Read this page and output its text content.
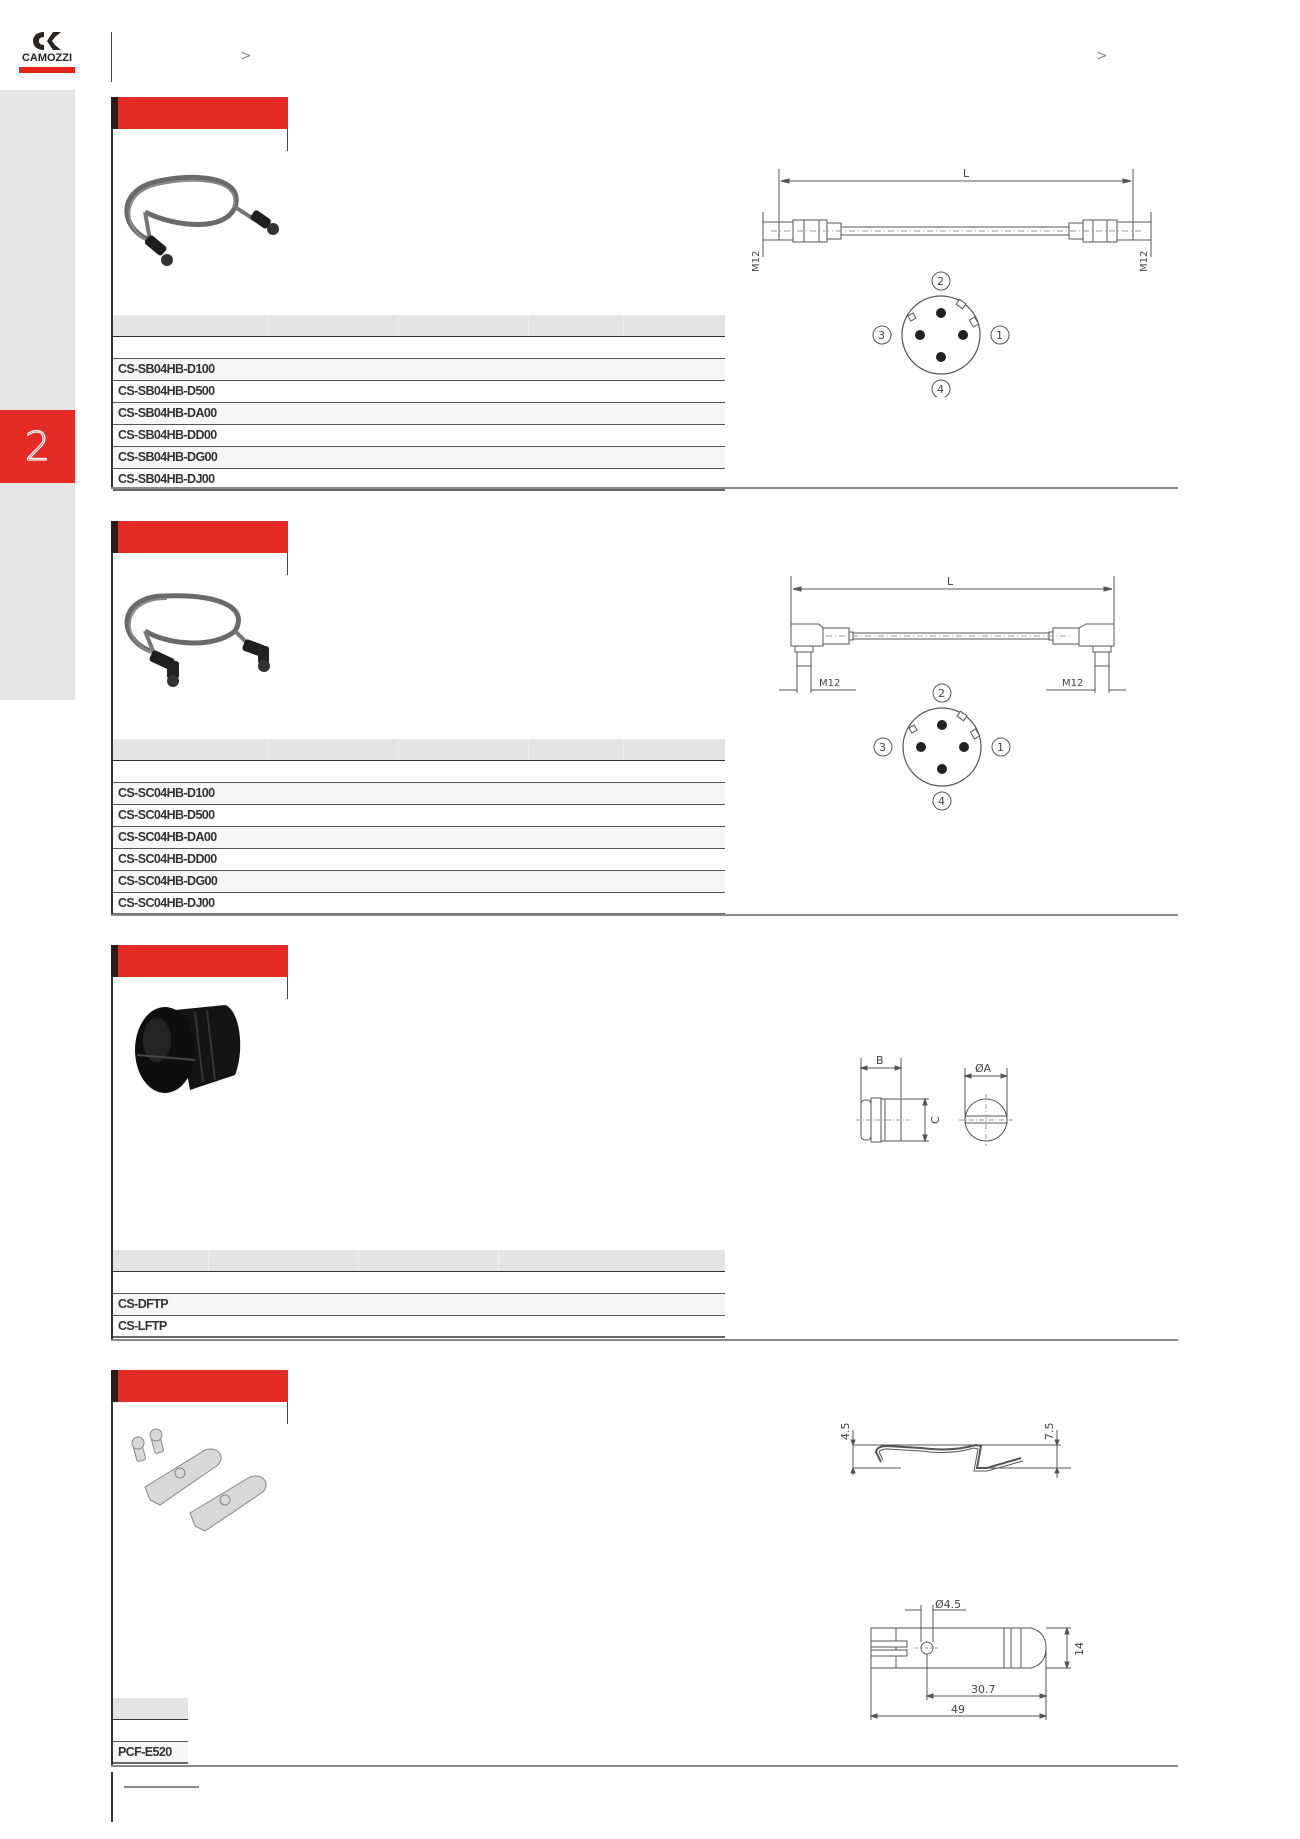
CAMOZZI	>	>
2
CS-SB04HB-D100
CS-SB04HB-D500
CS-SB04HB-DA00
CS-SB04HB-DD00
CS-SB04HB-DG00
CS-SB04HB-DJ00
L
M12	M12
2
1
3
4
CS-SC04HB-D100
CS-SC04HB-D500
CS-SC04HB-DA00
CS-SC04HB-DD00
CS-SC04HB-DG00
CS-SC04HB-DJ00
L
M12	M12
2
1
3
4
CS-DFTP
CS-LFTP
B
C
ØA
PCF-E520
4.5	7.5
Ø4.5
14
30.7
49
